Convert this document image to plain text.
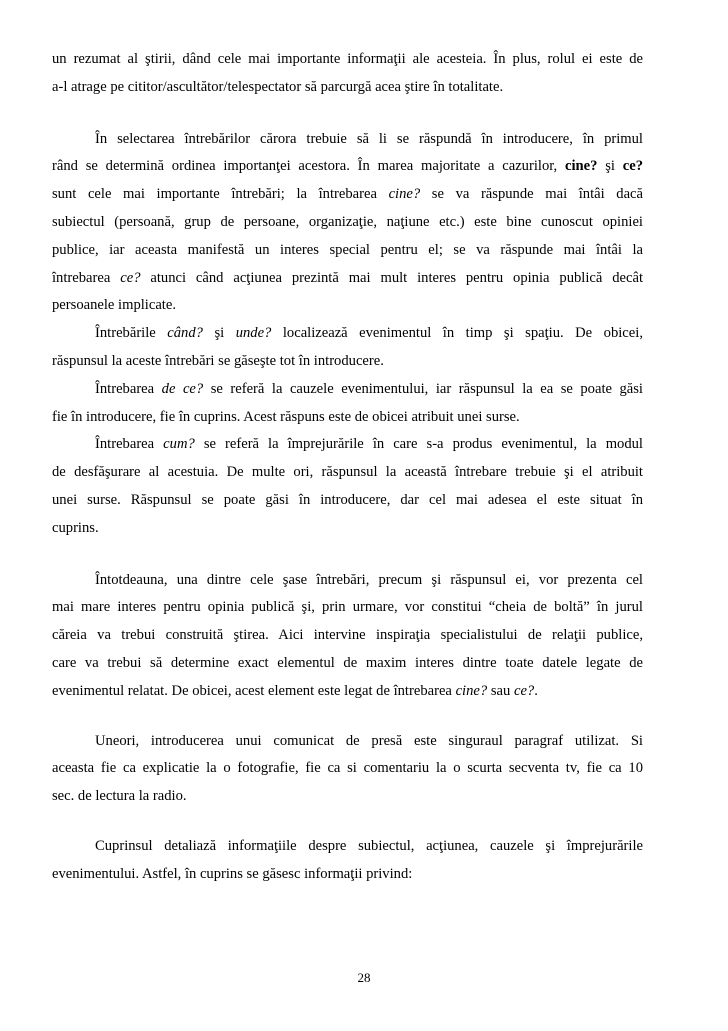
un rezumat al ştirii, dând cele mai importante informaţii ale acesteia. În plus, rolul ei este de
a-l atrage pe cititor/ascultător/telespectator să parcurgă acea ştire în totalitate.
În selectarea întrebărilor cărora trebuie să li se răspundă în introducere, în primul
rând se determină ordinea importanţei acestora. În marea majoritate a cazurilor, cine? şi ce?
sunt cele mai importante întrebări; la întrebarea cine? se va răspunde mai întâi dacă
subiectul (persoană, grup de persoane, organizaţie, naţiune etc.) este bine cunoscut opiniei
publice, iar aceasta manifestă un interes special pentru el; se va răspunde mai întâi la
întrebarea ce? atunci când acţiunea prezintă mai mult interes pentru opinia publică decât
persoanele implicate.
Întrebările când? şi unde? localizează evenimentul în timp şi spaţiu. De obicei,
răspunsul la aceste întrebări se găseşte tot în introducere.
Întrebarea de ce? se referă la cauzele evenimentului, iar răspunsul la ea se poate găsi
fie în introducere, fie în cuprins. Acest răspuns este de obicei atribuit unei surse.
Întrebarea cum? se referă la împrejurările în care s-a produs evenimentul, la modul
de desfăşurare al acestuia. De multe ori, răspunsul la această întrebare trebuie şi el atribuit
unei surse. Răspunsul se poate găsi în introducere, dar cel mai adesea el este situat în
cuprins.
Întotdeauna, una dintre cele şase întrebări, precum şi răspunsul ei, vor prezenta cel
mai mare interes pentru opinia publică şi, prin urmare, vor constitui “cheia de boltă” în jurul
căreia va trebui construită ştirea. Aici intervine inspiraţia specialistului de relaţii publice,
care va trebui să determine exact elementul de maxim interes dintre toate datele legate de
evenimentul relatat. De obicei, acest element este legat de întrebarea cine? sau ce?.
Uneori, introducerea unui comunicat de presă este singuraul paragraf utilizat. Si
aceasta fie ca explicatie la o fotografie, fie ca si comentariu la o scurta secventa tv, fie ca 10
sec. de lectura la radio.
Cuprinsul detaliază informaţiile despre subiectul, acţiunea, cauzele şi împrejurările
evenimentului. Astfel, în cuprins se găsesc informaţii privind:
28
